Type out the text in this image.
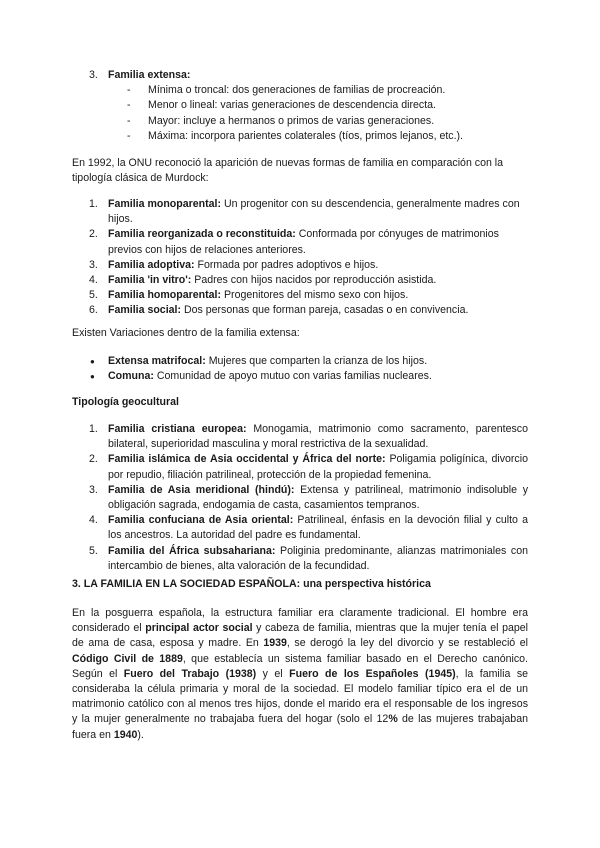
3. Familia extensa:
- Mínima o troncal: dos generaciones de familias de procreación.
- Menor o lineal: varias generaciones de descendencia directa.
- Mayor: incluye a hermanos o primos de varias generaciones.
- Máxima: incorpora parientes colaterales (tíos, primos lejanos, etc.).

En 1992, la ONU reconoció la aparición de nuevas formas de familia en comparación con la tipología clásica de Murdock:

1. Familia monoparental: Un progenitor con su descendencia, generalmente madres con hijos.
2. Familia reorganizada o reconstituida: Conformada por cónyuges de matrimonios previos con hijos de relaciones anteriores.
3. Familia adoptiva: Formada por padres adoptivos e hijos.
4. Familia 'in vitro': Padres con hijos nacidos por reproducción asistida.
5. Familia homoparental: Progenitores del mismo sexo con hijos.
6. Familia social: Dos personas que forman pareja, casadas o en convivencia.

Existen Variaciones dentro de la familia extensa:

● Extensa matrifocal: Mujeres que comparten la crianza de los hijos.
● Comuna: Comunidad de apoyo mutuo con varias familias nucleares.

Tipología geocultural

1. Familia cristiana europea: Monogamia, matrimonio como sacramento, parentesco bilateral, superioridad masculina y moral restrictiva de la sexualidad.
2. Familia islámica de Asia occidental y África del norte: Poligamia poligínica, divorcio por repudio, filiación patrilineal, protección de la propiedad femenina.
3. Familia de Asia meridional (hindú): Extensa y patrilineal, matrimonio indisoluble y obligación sagrada, endogamia de casta, casamientos tempranos.
4. Familia confuciana de Asia oriental: Patrilineal, énfasis en la devoción filial y culto a los ancestros. La autoridad del padre es fundamental.
5. Familia del África subsahariana: Poliginia predominante, alianzas matrimoniales con intercambio de bienes, alta valoración de la fecundidad.

3. LA FAMILIA EN LA SOCIEDAD ESPAÑOLA: una perspectiva histórica

En la posguerra española, la estructura familiar era claramente tradicional. El hombre era considerado el principal actor social y cabeza de familia, mientras que la mujer tenía el papel de ama de casa, esposa y madre. En 1939, se derogó la ley del divorcio y se restableció el Código Civil de 1889, que establecía un sistema familiar basado en el Derecho canónico. Según el Fuero del Trabajo (1938) y el Fuero de los Españoles (1945), la familia se consideraba la célula primaria y moral de la sociedad. El modelo familiar típico era el de un matrimonio católico con al menos tres hijos, donde el marido era el responsable de los ingresos y la mujer generalmente no trabajaba fuera del hogar (solo el 12% de las mujeres trabajaban fuera en 1940).
